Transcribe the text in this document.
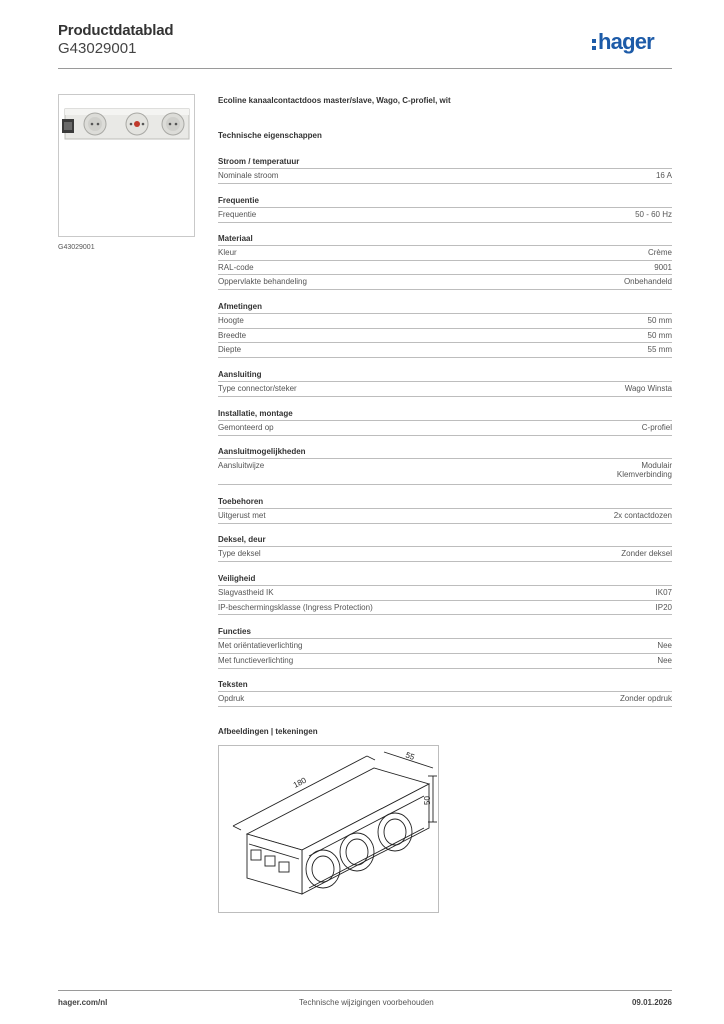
Productdatablad
G43029001	hager
G43029001
Ecoline kanaalcontactdoos master/slave, Wago, C-profiel, wit
Technische eigenschappen
Stroom / temperatuur
Nominale stroom	16 A
Frequentie
Frequentie	50 - 60 Hz
Materiaal
Kleur	Crème
RAL-code	9001
Oppervlakte behandeling	Onbehandeld
Afmetingen
Hoogte	50 mm
Breedte	50 mm
Diepte	55 mm
Aansluiting
Type connector/steker	Wago Winsta
Installatie, montage
Gemonteerd op	C-profiel
Aansluitmogelijkheden
Aansluitwijze	Modulair
Klemverbinding
Toebehoren
Uitgerust met	2x contactdozen
Deksel, deur
Type deksel	Zonder deksel
Veiligheid
Slagvastheid IK	IK07
IP-beschermingsklasse (Ingress Protection)	IP20
Functies
Met oriëntatieverlichting	Nee
Met functieverlichting	Nee
Teksten
Opdruk	Zonder opdruk
Afbeeldingen | tekeningen
180
55
50
hager.com/nl	Technische wijzigingen voorbehouden	09.01.2026
